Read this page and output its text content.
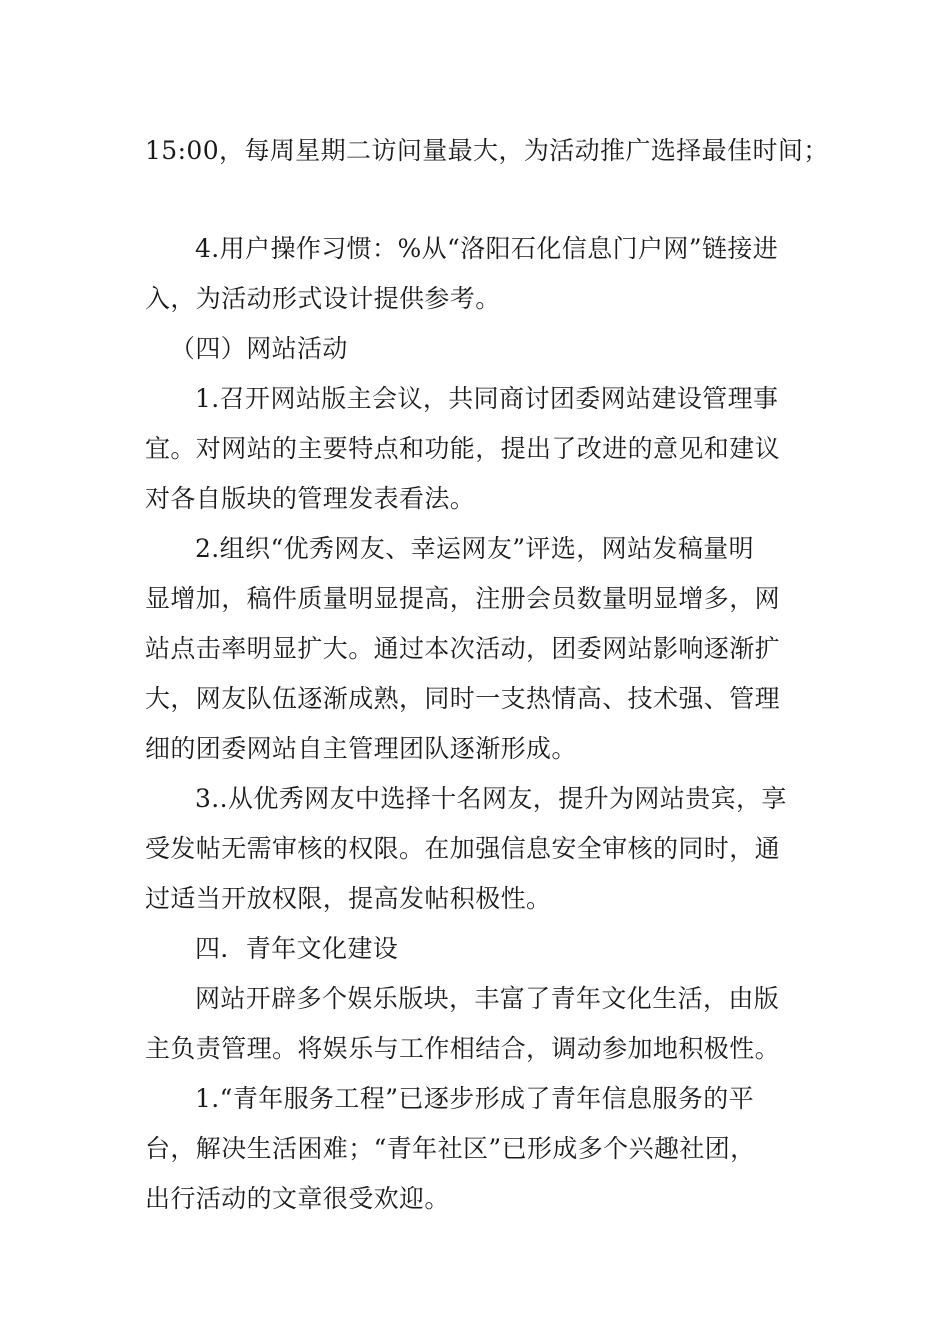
15:00，每周星期二访问量最大，为活动推广选择最佳时间；
4.用户操作习惯：%从“洛阳石化信息门户网”链接进
入，为活动形式设计提供参考。
（四）网站活动
1.召开网站版主会议，共同商讨团委网站建设管理事
宜。对网站的主要特点和功能，提出了改进的意见和建议
对各自版块的管理发表看法。
2.组织“优秀网友、幸运网友”评选，网站发稿量明
显增加，稿件质量明显提高，注册会员数量明显增多，网
站点击率明显扩大。通过本次活动，团委网站影响逐渐扩
大，网友队伍逐渐成熟，同时一支热情高、技术强、管理
细的团委网站自主管理团队逐渐形成。
3..从优秀网友中选择十名网友，提升为网站贵宾，享
受发帖无需审核的权限。在加强信息安全审核的同时，通
过适当开放权限，提高发帖积极性。
四．青年文化建设
网站开辟多个娱乐版块，丰富了青年文化生活，由版
主负责管理。将娱乐与工作相结合，调动参加地积极性。
1.“青年服务工程”已逐步形成了青年信息服务的平
台，解决生活困难；“青年社区”已形成多个兴趣社团，
出行活动的文章很受欢迎。
